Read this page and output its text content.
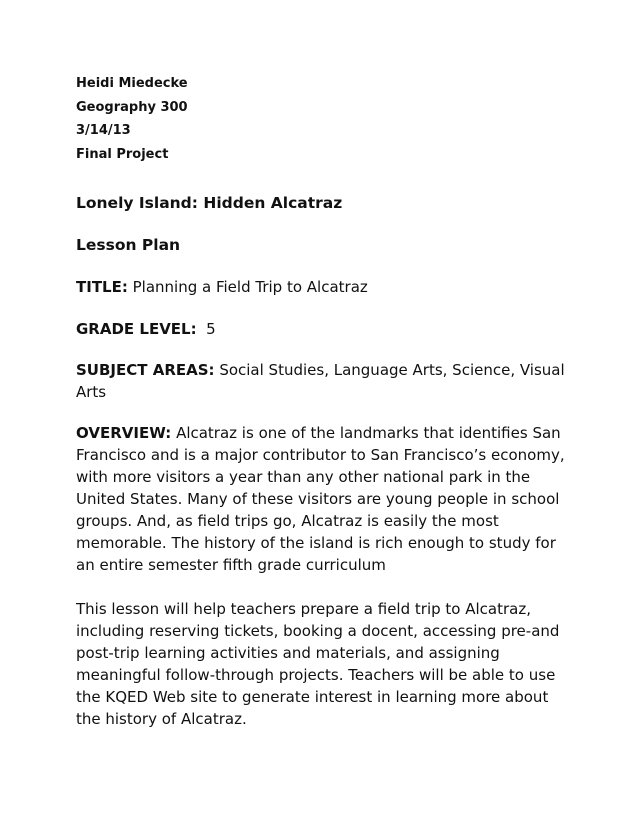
Heidi Miedecke

Geography 300

3/14/13

Final Project

Lonely Island: Hidden Alcatraz

Lesson Plan

TITLE: Planning a Field Trip to Alcatraz

GRADE LEVEL: 5

SUBJECT AREAS: Social Studies, Language Arts, Science, Visual Arts

OVERVIEW: Alcatraz is one of the landmarks that identifies San Francisco and is a major contributor to San Francisco’s economy, with more visitors a year than any other national park in the United States. Many of these visitors are young people in school groups. And, as field trips go, Alcatraz is easily the most memorable. The history of the island is rich enough to study for an entire semester fifth grade curriculum

This lesson will help teachers prepare a field trip to Alcatraz, including reserving tickets, booking a docent, accessing pre-and post-trip learning activities and materials, and assigning meaningful follow-through projects. Teachers will be able to use the KQED Web site to generate interest in learning more about the history of Alcatraz.
